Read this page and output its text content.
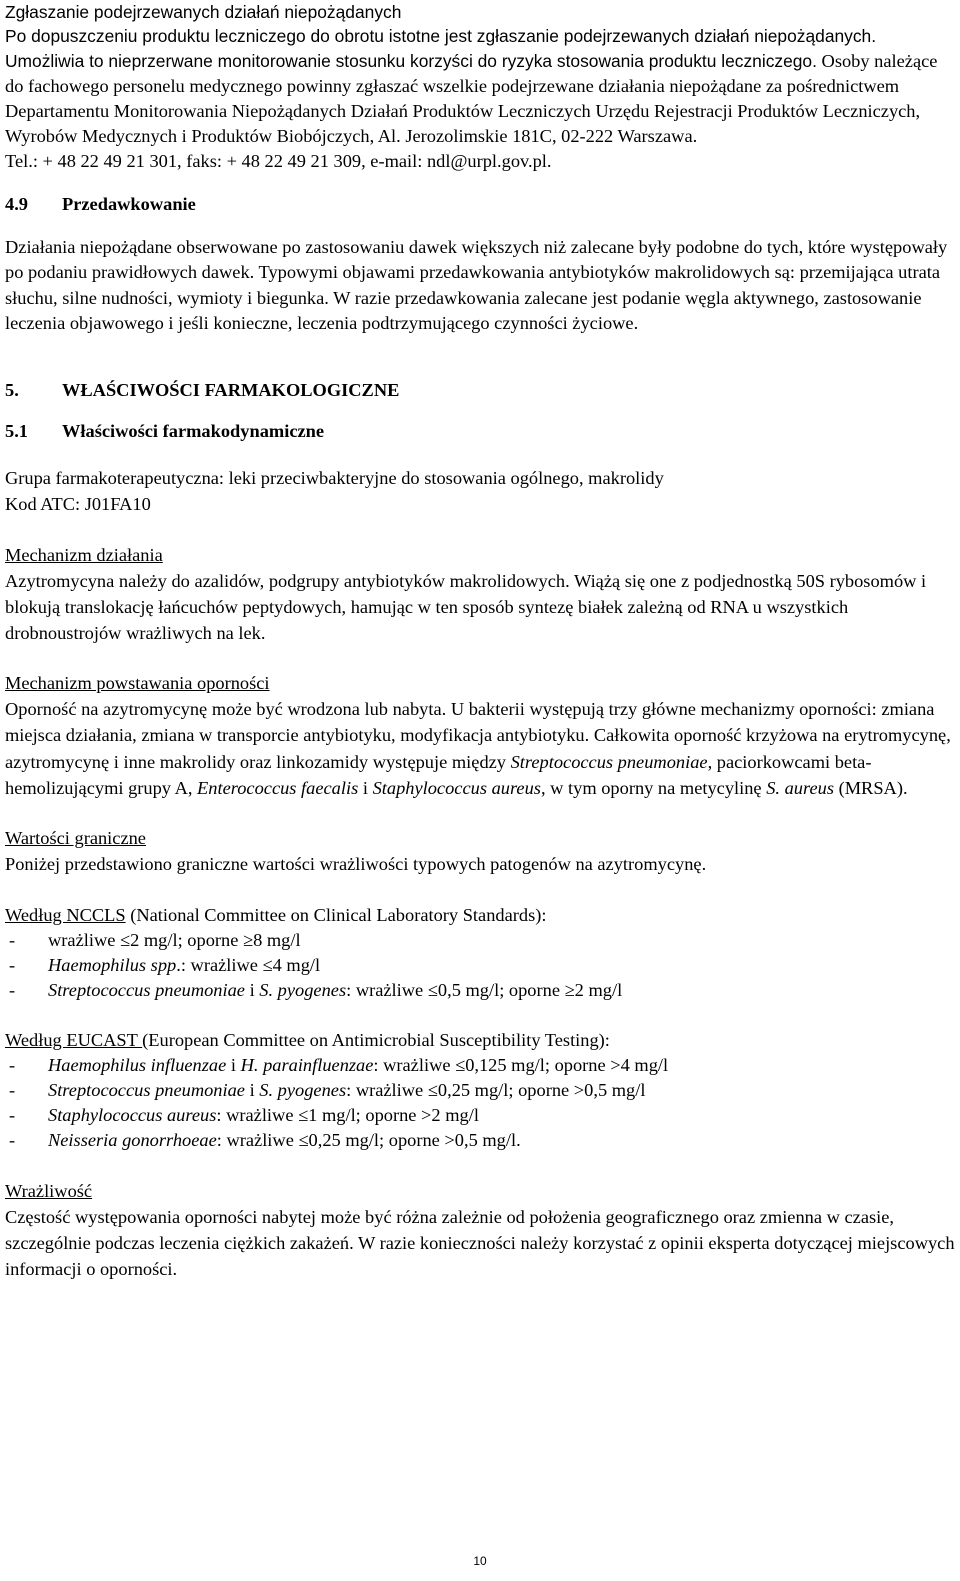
Zgłaszanie podejrzewanych działań niepożądanych

Po dopuszczeniu produktu leczniczego do obrotu istotne jest zgłaszanie podejrzewanych działań niepożądanych. Umożliwia to nieprzerwane monitorowanie stosunku korzyści do ryzyka stosowania produktu leczniczego. Osoby należące do fachowego personelu medycznego powinny zgłaszać wszelkie podejrzewane działania niepożądane za pośrednictwem Departamentu Monitorowania Niepożądanych Działań Produktów Leczniczych Urzędu Rejestracji Produktów Leczniczych, Wyrobów Medycznych i Produktów Biobójczych, Al. Jerozolimskie 181C, 02-222 Warszawa.

Tel.: + 48 22 49 21 301, faks: + 48 22 49 21 309, e-mail: ndl@urpl.gov.pl.

4.9 Przedawkowanie

Działania niepożądane obserwowane po zastosowaniu dawek większych niż zalecane były podobne do tych, które występowały po podaniu prawidłowych dawek. Typowymi objawami przedawkowania antybiotyków makrolidowych są: przemijająca utrata słuchu, silne nudności, wymioty i biegunka. W razie przedawkowania zalecane jest podanie węgla aktywnego, zastosowanie leczenia objawowego i jeśli konieczne, leczenia podtrzymującego czynności życiowe.

5. WŁAŚCIWOŚCI FARMAKOLOGICZNE
5.1 Właściwości farmakodynamiczne

Grupa farmakoterapeutyczna: leki przeciwbakteryjne do stosowania ogólnego, makrolidy

Kod ATC: J01FA10

Mechanizm działania

Azytromycyna należy do azalidów, podgrupy antybiotyków makrolidowych. Wiążą się one z podjednostką 50S rybosomów i blokują translokację łańcuchów peptydowych, hamując w ten sposób syntezę białek zależną od RNA u wszystkich drobnoustrojów wrażliwych na lek.

Mechanizm powstawania oporności

Oporność na azytromycynę może być wrodzona lub nabyta. U bakterii występują trzy główne mechanizmy oporności: zmiana miejsca działania, zmiana w transporcie antybiotyku, modyfikacja antybiotyku. Całkowita oporność krzyżowa na erytromycynę, azytromycynę i inne makrolidy oraz linkozamidy występuje między Streptococcus pneumoniae, paciorkowcami beta-hemolizującymi grupy A, Enterococcus faecalis i Staphylococcus aureus, w tym oporny na metycylinę S. aureus (MRSA).

Wartości graniczne

Poniżej przedstawiono graniczne wartości wrażliwości typowych patogenów na azytromycynę.

Według NCCLS (National Committee on Clinical Laboratory Standards):

- wrażliwe ≤2 mg/l; oporne ≥8 mg/l
- Haemophilus spp.: wrażliwe ≤4 mg/l
- Streptococcus pneumoniae i S. pyogenes: wrażliwe ≤0,5 mg/l; oporne ≥2 mg/l

Według EUCAST (European Committee on Antimicrobial Susceptibility Testing):

- Haemophilus influenzae i H. parainfluenzae: wrażliwe ≤0,125 mg/l; oporne >4 mg/l
- Streptococcus pneumoniae i S. pyogenes: wrażliwe ≤0,25 mg/l; oporne >0,5 mg/l
- Staphylococcus aureus: wrażliwe ≤1 mg/l; oporne >2 mg/l
- Neisseria gonorrhoeae: wrażliwe ≤0,25 mg/l; oporne >0,5 mg/l.

Wrażliwość

Częstość występowania oporności nabytej może być różna zależnie od położenia geograficznego oraz zmienna w czasie, szczególnie podczas leczenia ciężkich zakażeń. W razie konieczności należy korzystać z opinii eksperta dotyczącej miejscowych informacji o oporności.

10
